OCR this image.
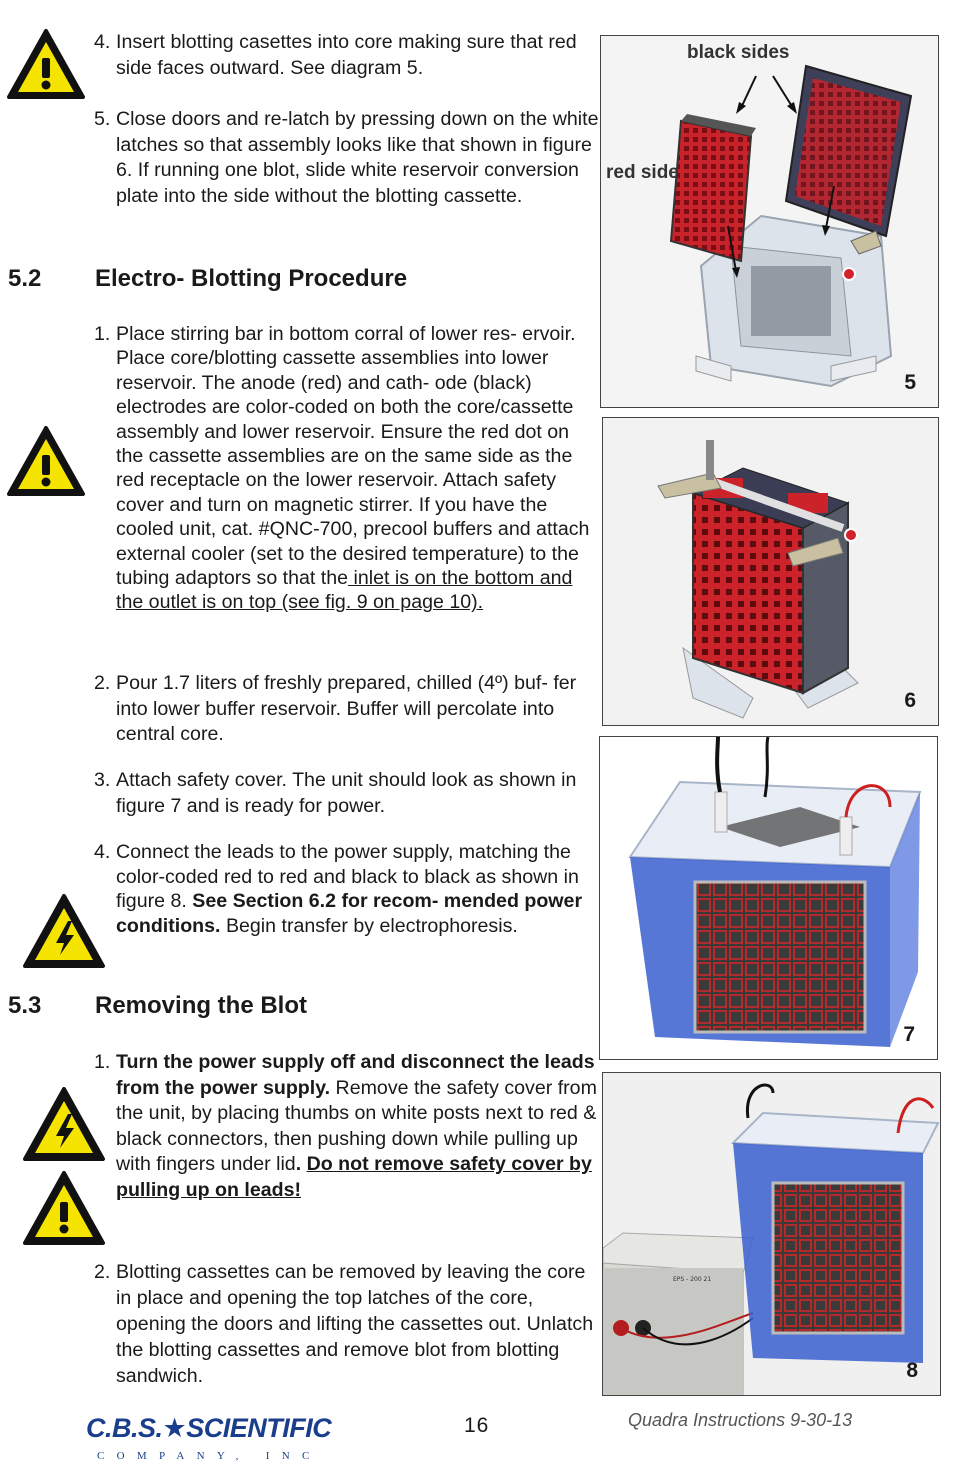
4. Insert blotting casettes into core making sure that red side faces outward. See diagram 5.
5. Close doors and re-latch by pressing down on the white latches so that assembly looks like that shown in figure 6. If running one blot, slide white reservoir conversion plate into the side without the blotting cassette.
5.2 Electro- Blotting Procedure
1. Place stirring bar in bottom corral of lower res- ervoir. Place core/blotting cassette assemblies into lower reservoir. The anode (red) and cath- ode (black) electrodes are color-coded on both the core/cassette assembly and lower reservoir. Ensure the red dot on the cassette assemblies are on the same side as the red receptacle on the lower reservoir. Attach safety cover and turn on magnetic stirrer. If you have the cooled unit, cat. #QNC-700, precool buffers and attach external cooler (set to the desired temperature) to the tubing adaptors so that the inlet is on the bottom and the outlet is on top (see fig. 9 on page 10).
2. Pour 1.7 liters of freshly prepared, chilled (4º) buf- fer into lower buffer reservoir. Buffer will percolate into central core.
3. Attach safety cover. The unit should look as shown in figure 7 and is ready for power.
4. Connect the leads to the power supply, matching the color-coded red to red and black to black as shown in figure 8. See Section 6.2 for recom- mended power conditions. Begin transfer by electrophoresis.
5.3 Removing the Blot
1. Turn the power supply off and disconnect the leads from the power supply. Remove the safety cover from the unit, by placing thumbs on white posts next to red & black connectors, then pushing down while pulling up with fingers under lid. Do not remove safety cover by pulling up on leads!
2. Blotting cassettes can be removed by leaving the core in place and opening the top latches of the core, opening the doors and lifting the cassettes out. Unlatch the blotting cassettes and remove blot from blotting sandwich.
black sides
red side
5
6
7
EPS - 200 21
8
C.B.S.★SCIENTIFIC
COMPANY, INC
16	Quadra Instructions 9-30-13
